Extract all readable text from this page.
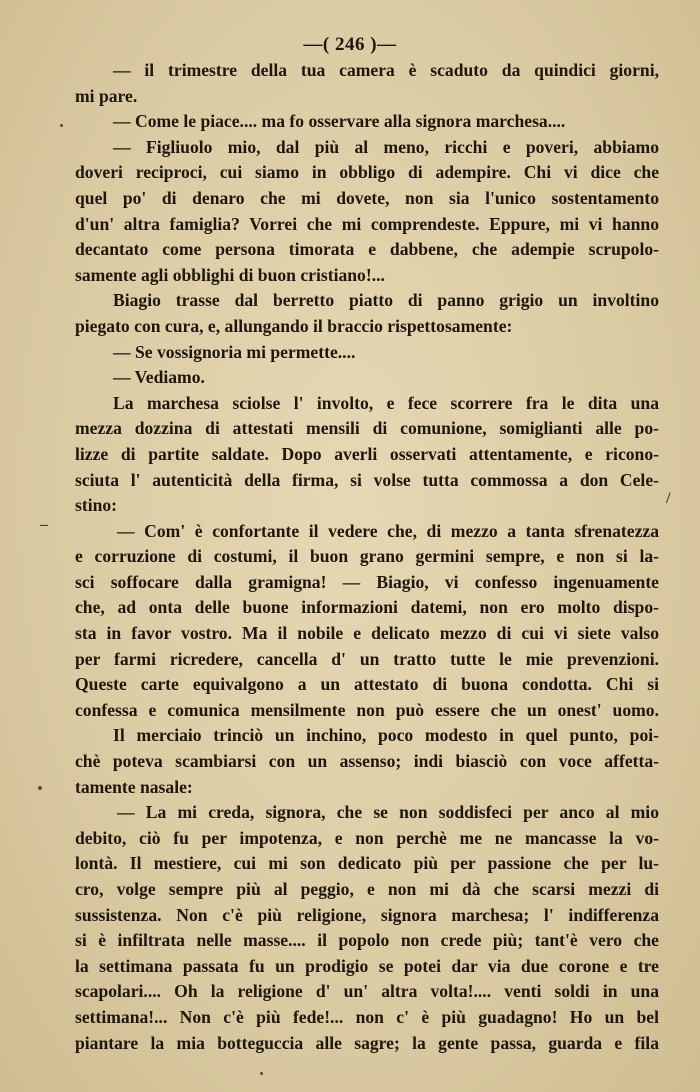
—( 246 )—
— il trimestre della tua camera è scaduto da quindici giorni,
mi pare.
— Come le piace.... ma fo osservare alla signora marchesa....
— Figliuolo mio, dal più al meno, ricchi e poveri, abbiamo
doveri reciproci, cui siamo in obbligo di adempire. Chi vi dice che
quel po' di denaro che mi dovete, non sia l'unico sostentamento
d'un' altra famiglia? Vorrei che mi comprendeste. Eppure, mi vi hanno
decantato come persona timorata e dabbene, che adempie scrupolo-
samente agli obblighi di buon cristiano!...
Biagio trasse dal berretto piatto di panno grigio un involtino
piegato con cura, e, allungando il braccio rispettosamente:
— Se vossignoria mi permette....
— Vediamo.
La marchesa sciolse l' involto, e fece scorrere fra le dita una
mezza dozzina di attestati mensili di comunione, somiglianti alle po-
lizze di partite saldate. Dopo averli osservati attentamente, e ricono-
sciuta l' autenticità della firma, si volse tutta commossa a don Cele-
stino:
— Com' è confortante il vedere che, di mezzo a tanta sfrenatezza
e corruzione di costumi, il buon grano germini sempre, e non si la-
sci soffocare dalla gramigna! — Biagio, vi confesso ingenuamente
che, ad onta delle buone informazioni datemi, non ero molto dispo-
sta in favor vostro. Ma il nobile e delicato mezzo di cui vi siete valso
per farmi ricredere, cancella d' un tratto tutte le mie prevenzioni.
Queste carte equivalgono a un attestato di buona condotta. Chi si
confessa e comunica mensilmente non può essere che un onest' uomo.
Il merciaio trinciò un inchino, poco modesto in quel punto, poi-
chè poteva scambiarsi con un assenso; indi biasciò con voce affetta-
tamente nasale:
— La mi creda, signora, che se non soddisfeci per anco al mio
debito, ciò fu per impotenza, e non perchè me ne mancasse la vo-
lontà. Il mestiere, cui mi son dedicato più per passione che per lu-
cro, volge sempre più al peggio, e non mi dà che scarsi mezzi di
sussistenza. Non c'è più religione, signora marchesa; l' indifferenza
si è infiltrata nelle masse.... il popolo non crede più; tant'è vero che
la settimana passata fu un prodigio se potei dar via due corone e tre
scapolari.... Oh la religione d' un' altra volta!.... venti soldi in una
settimana!... Non c'è più fede!... non c' è più guadagno! Ho un bel
piantare la mia botteguccia alle sagre; la gente passa, guarda e fila
–
/
